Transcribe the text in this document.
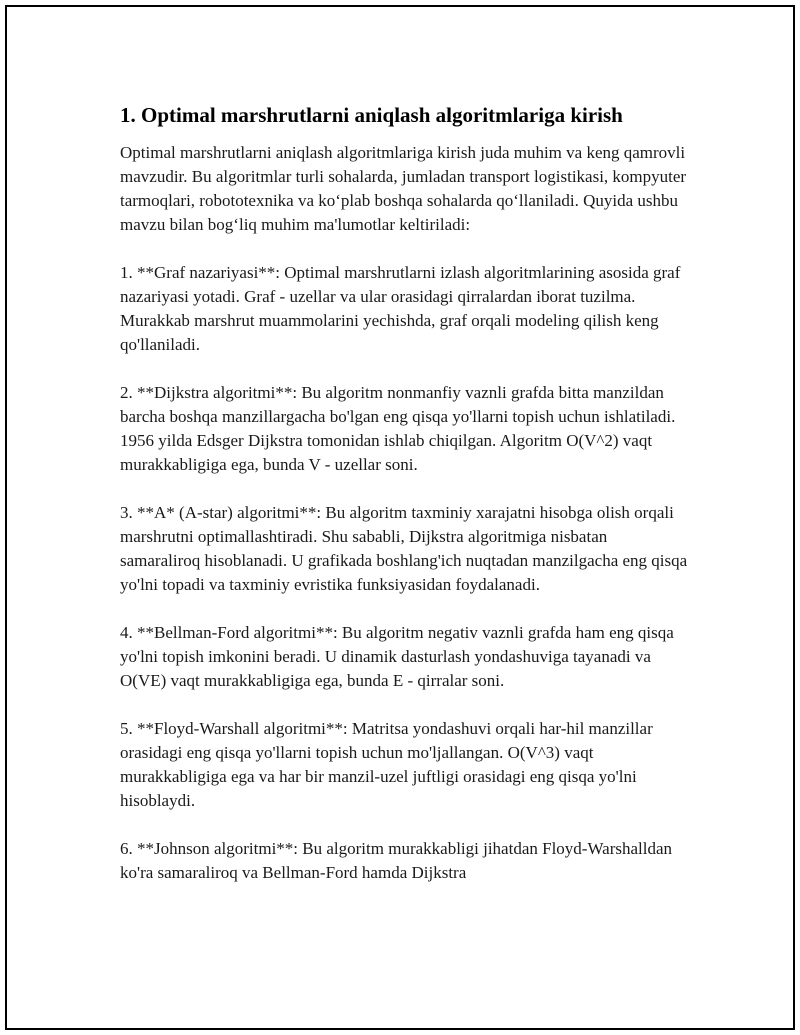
1. Optimal marshrutlarni aniqlash algoritmlariga kirish

Optimal marshrutlarni aniqlash algoritmlariga kirish juda muhim va keng qamrovli mavzudir. Bu algoritmlar turli sohalarda, jumladan transport logistikasi, kompyuter tarmoqlari, robototexnika va ko‘plab boshqa sohalarda qo‘llaniladi. Quyida ushbu mavzu bilan bog‘liq muhim ma'lumotlar keltiriladi:

1. **Graf nazariyasi**: Optimal marshrutlarni izlash algoritmlarining asosida graf nazariyasi yotadi. Graf - uzellar va ular orasidagi qirralardan iborat tuzilma. Murakkab marshrut muammolarini yechishda, graf orqali modeling qilish keng qo'llaniladi.

2. **Dijkstra algoritmi**: Bu algoritm nonmanfiy vaznli grafda bitta manzildan barcha boshqa manzillargacha bo'lgan eng qisqa yo'llarni topish uchun ishlatiladi. 1956 yilda Edsger Dijkstra tomonidan ishlab chiqilgan. Algoritm O(V^2) vaqt murakkabligiga ega, bunda V - uzellar soni.

3. **A* (A-star) algoritmi**: Bu algoritm taxminiy xarajatni hisobga olish orqali marshrutni optimallashtiradi. Shu sababli, Dijkstra algoritmiga nisbatan samaraliroq hisoblanadi. U grafikada boshlang'ich nuqtadan manzilgacha eng qisqa yo'lni topadi va taxminiy evristika funksiyasidan foydalanadi.

4. **Bellman-Ford algoritmi**: Bu algoritm negativ vaznli grafda ham eng qisqa yo'lni topish imkonini beradi. U dinamik dasturlash yondashuviga tayanadi va O(VE) vaqt murakkabligiga ega, bunda E - qirralar soni.

5. **Floyd-Warshall algoritmi**: Matritsa yondashuvi orqali har-hil manzillar orasidagi eng qisqa yo'llarni topish uchun mo'ljallangan. O(V^3) vaqt murakkabligiga ega va har bir manzil-uzel juftligi orasidagi eng qisqa yo'lni hisoblaydi.

6. **Johnson algoritmi**: Bu algoritm murakkabligi jihatdan Floyd-Warshalldan ko'ra samaraliroq va Bellman-Ford hamda Dijkstra
